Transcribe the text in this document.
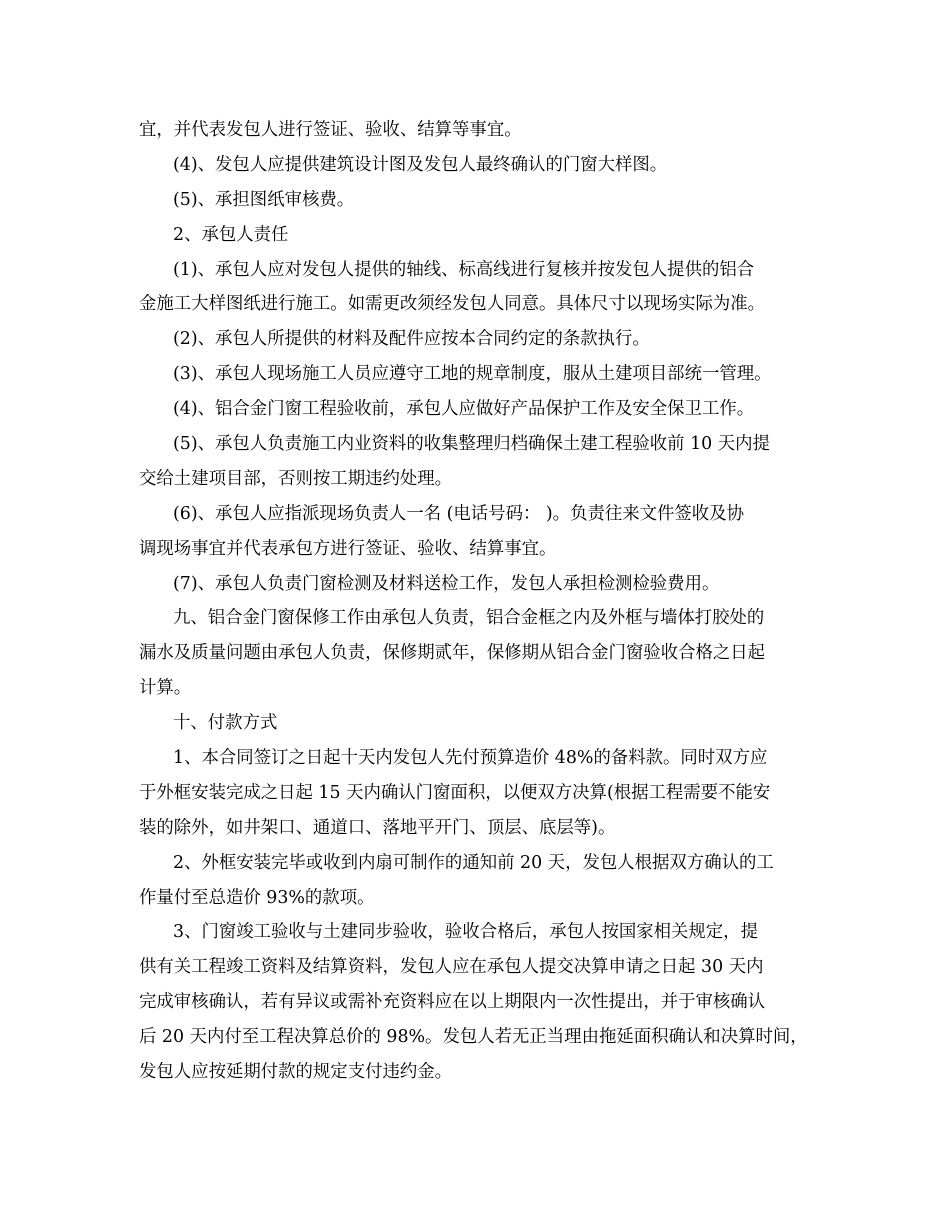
宜，并代表发包人进行签证、验收、结算等事宜。
(4)、发包人应提供建筑设计图及发包人最终确认的门窗大样图。
(5)、承担图纸审核费。
2、承包人责任
(1)、承包人应对发包人提供的轴线、标高线进行复核并按发包人提供的铝合
金施工大样图纸进行施工。如需更改须经发包人同意。具体尺寸以现场实际为准。
(2)、承包人所提供的材料及配件应按本合同约定的条款执行。
(3)、承包人现场施工人员应遵守工地的规章制度，服从土建项目部统一管理。
(4)、铝合金门窗工程验收前，承包人应做好产品保护工作及安全保卫工作。
(5)、承包人负责施工内业资料的收集整理归档确保土建工程验收前 10 天内提
交给土建项目部，否则按工期违约处理。
(6)、承包人应指派现场负责人一名 (电话号码： )。负责往来文件签收及协
调现场事宜并代表承包方进行签证、验收、结算事宜。
(7)、承包人负责门窗检测及材料送检工作，发包人承担检测检验费用。
九、铝合金门窗保修工作由承包人负责，铝合金框之内及外框与墙体打胶处的
漏水及质量问题由承包人负责，保修期贰年，保修期从铝合金门窗验收合格之日起
计算。
十、付款方式
1、本合同签订之日起十天内发包人先付预算造价 48%的备料款。同时双方应
于外框安装完成之日起 15 天内确认门窗面积，以便双方决算(根据工程需要不能安
装的除外，如井架口、通道口、落地平开门、顶层、底层等)。
2、外框安装完毕或收到内扇可制作的通知前 20 天，发包人根据双方确认的工
作量付至总造价 93%的款项。
3、门窗竣工验收与土建同步验收，验收合格后，承包人按国家相关规定，提
供有关工程竣工资料及结算资料，发包人应在承包人提交决算申请之日起 30 天内
完成审核确认，若有异议或需补充资料应在以上期限内一次性提出，并于审核确认
后 20 天内付至工程决算总价的 98%。发包人若无正当理由拖延面积确认和决算时间，
发包人应按延期付款的规定支付违约金。
